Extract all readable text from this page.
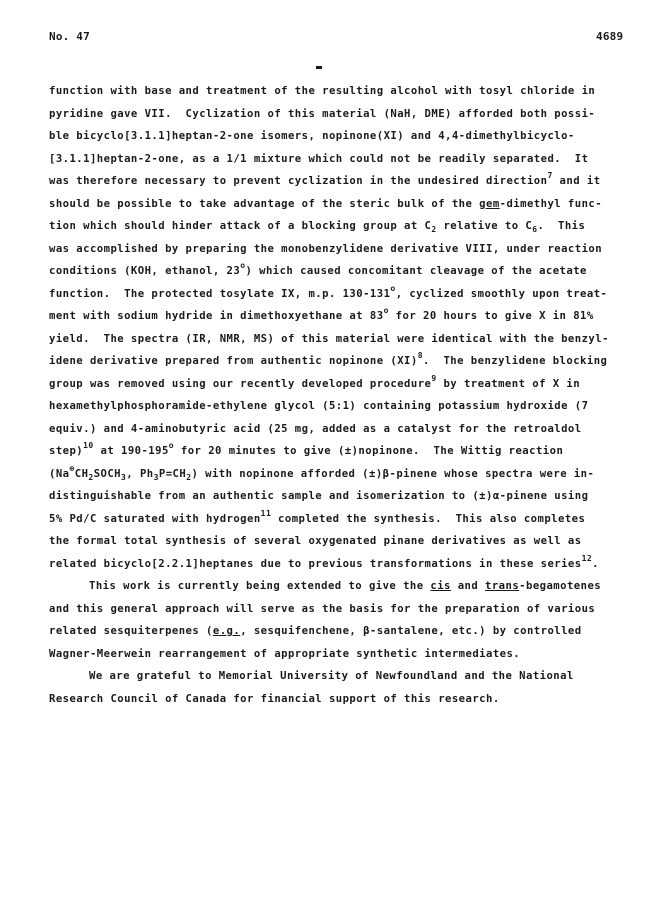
No. 47	4689
function with base and treatment of the resulting alcohol with tosyl chloride in
pyridine gave VII.  Cyclization of this material (NaH, DME) afforded both possi-
ble bicyclo[3.1.1]heptan-2-one isomers, nopinone(XI) and 4,4-dimethylbicyclo-
[3.1.1]heptan-2-one, as a 1/1 mixture which could not be readily separated.  It
was therefore necessary to prevent cyclization in the undesired direction$^7$ and it
should be possible to take advantage of the steric bulk of the gem-dimethyl func-
tion which should hinder attack of a blocking group at $C_2$ relative to $C_6$.  This
was accomplished by preparing the monobenzylidene derivative VIII, under reaction
conditions (KOH, ethanol, 23$^o$) which caused concomitant cleavage of the acetate
function.  The protected tosylate IX, m.p. 130-131$^o$, cyclized smoothly upon treat-
ment with sodium hydride in dimethoxyethane at 83$^o$ for 20 hours to give X in 81%
yield.  The spectra (IR, NMR, MS) of this material were identical with the benzyl-
idene derivative prepared from authentic nopinone (XI)$^8$.  The benzylidene blocking
group was removed using our recently developed procedure$^9$ by treatment of X in
hexamethylphosphoramide-ethylene glycol (5:1) containing potassium hydroxide (7
equiv.) and 4-aminobutyric acid (25 mg, added as a catalyst for the retroaldol
step)$^{10}$ at 190-195$^o$ for 20 minutes to give (±)nopinone.  The Wittig reaction
($Na^\oplus CH_2SOCH_3$, $Ph_3P=CH_2$) with nopinone afforded (±)β-pinene whose spectra were in-
distinguishable from an authentic sample and isomerization to (±)α-pinene using
5% Pd/C saturated with hydrogen$^{11}$ completed the synthesis.  This also completes
the formal total synthesis of several oxygenated pinane derivatives as well as
related bicyclo[2.2.1]heptanes due to previous transformations in these series$^{12}$.
This work is currently being extended to give the cis and trans-begamotenes
and this general approach will serve as the basis for the preparation of various
related sesquiterpenes (e.g., sesquifenchene, β-santalene, etc.) by controlled
Wagner-Meerwein rearrangement of appropriate synthetic intermediates.
We are grateful to Memorial University of Newfoundland and the National
Research Council of Canada for financial support of this research.
